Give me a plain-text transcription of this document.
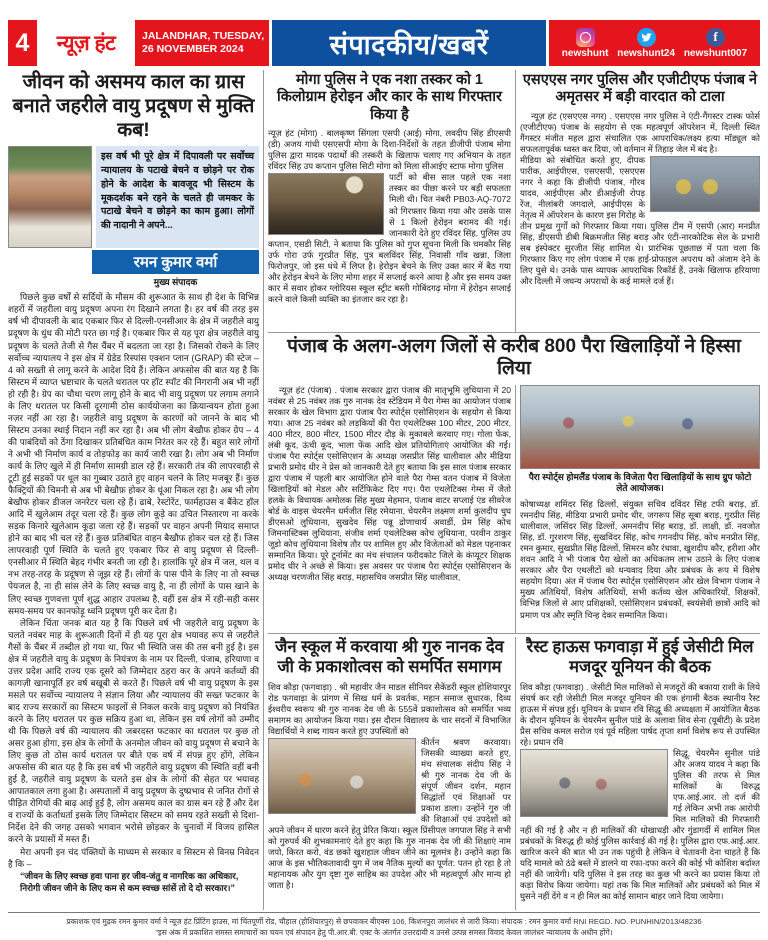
4	न्यूज़ हंट	JALANDHAR, TUESDAY,
26 NOVEMBER 2024	संपादकीय/खबरें	newshunt newshunt24
f
newshunt007
जीवन को असमय काल का ग्रास बनाते जहरीले वायु प्रदूषण से मुक्ति कब!
इस वर्ष भी पूरे क्षेत्र में दिपावली पर सर्वोच्च न्यायालय के पटाखे बेचने व छोड़ने पर रोक होने के आदेश के बावजूद भी सिस्टम के मूकदर्शक बने रहने के चलते ही जमकर के पटाखे बेचने व छोड़ने का काम हुआ। लोगों की नादानी ने अपने...
रमन कुमार वर्मा
मुख्य संपादक

पिछले कुछ वर्षों से सर्दियों के मौसम की शुरूआत के साथ ही देश के विभिन्न शहरों में जहरीला वायु प्रदूषण अपना रंग दिखाने लगता है। हर वर्ष की तरह इस वर्ष भी दीपावली के बाद एकबार फिर से दिल्ली-एनसीआर के क्षेत्र में जहरीले वायु प्रदूषण के धुंध की मोटी परत छा गई है। एकबार फिर से यह पूरा क्षेत्र जहरीले वायु प्रदूषण के चलते तेजी से गैस चैंबर में बदलता जा रहा है। जिसको रोकने के लिए सर्वोच्च न्यायालय ने इस क्षेत्र में ग्रेडेड रिस्पांस एक्शन प्लान (GRAP) की स्टेज – 4 को सख्ती से लागू करने के आदेश दिये हैं। लेकिन अफसोस की बात यह है कि सिस्टम में व्याप्त भ्रष्टाचार के चलते धरातल पर हॉट स्पॉट की निगरानी अब भी नहीं हो रही है। ग्रेप का चौथा चरण लागू होने के बाद भी वायु प्रदूषण पर लगाम लगाने के लिए धरातल पर किसी दूरगामी ठोस कार्ययोजना का क्रियान्वयन होता हुआ नज़र नहीं आ रहा है। जहरीले वायु प्रदूषण के कारणों को जानने के बाद भी सिस्टम उनका स्थाई निदान नहीं कर रहा है। अब भी लोग बेखौफ होकर ग्रेप – 4 की पाबंदियों को ठेंगा दिखाकर प्रतिबंधित काम निरंतर कर रहे हैं। बहुत सारे लोगों ने अभी भी निर्माण कार्य व तोड़फोड़ का कार्य जारी रखा है। लोग अब भी निर्माण कार्य के लिए खुले में ही निर्माण सामग्री डाल रहे हैं। सरकारी तंत्र की लापरवाही से टूटी हुई सड़कों पर धूल का गुब्बार उठाते हुए वाहन चलने के लिए मजबूर हैं। कुछ फैक्ट्रियों की चिमनी से अब भी बेखौफ़ होकर के धूंआ निकल रहा है। अब भी लोग बेखौफ होकर डीजल जनरेटर चला रहे हैं। ढाबे, रेस्टोरेंट, फार्महाउस व बैंकेट हॉल आदि में खुलेआम तंदूर चला रहे हैं। कुछ लोग कूड़े का उचित निस्तारण ना करके सड़क किनारे खुलेआम कूड़ा जला रहे हैं। सड़कों पर वाहन अपनी मियाद समाप्त होने का बाद भी चल रहे हैं। कुछ प्रतिबंधित वाहन बैखौफ होकर चल रहे हैं। जिस लापरवाही पूर्ण स्थिति के चलते हुए एकबार फिर से वायु प्रदूषण से दिल्ली-एनसीआर में स्थिति बेहद गंभीर बनती जा रही है। हालांकि पूरे क्षेत्र में जल, थल व नभ तरह-तरह के प्रदूषण से जूझ रहे हैं। लोगों के पास पीने के लिए ना तो स्वच्छ पेयजल है, ना ही सांस लेने के लिए स्वच्छ वायु है, ना ही लोगों के पास खाने के लिए स्वच्छ गुणवत्ता पूर्ण शुद्ध आहार उपलब्ध है, वहीं इस क्षेत्र में रही-सही कसर समय-समय पर कानफोड़ू ध्वनि प्रदूषण पूरी कर देता है।

लेकिन चिंता जनक बात यह है कि पिछले वर्ष भी जहरीले वायु प्रदूषण के चलते नवंबर माह के शुरूआती दिनों में ही यह पूरा क्षेत्र भयावह रूप से जहरीले गैसों के चैंबर में तब्दील हो गया था, फिर भी स्थिति जस की तस बनी हुई है। इस क्षेत्र में जहरीले वायु के प्रदूषण के नियंत्रण के नाम पर दिल्ली, पंजाब, हरियाणा व उत्तर प्रदेश आदि राज्य एक दूसरे को जिम्मेदार ठहरा कर के अपने कर्तव्यों की कागज़ी खानापूर्ति हर वर्ष बखूबी से करते हैं। पिछले वर्ष भी वायु प्रदूषण के इस मसले पर सर्वोच्च न्यायालय ने संज्ञान लिया और न्यायालय की सख्त फटकार के बाद राज्य सरकारों का सिस्टम फाइलों से निकल करके वायु प्रदूषण को नियंत्रित करने के लिए धरातल पर कुछ सक्रिय हुआ था, लेकिन इस वर्ष लोगों को उम्मीद थी कि पिछले वर्ष की न्यायालय की जबरदस्त फटकार का धरातल पर कुछ तो असर हुआ होगा, इस क्षेत्र के लोगों के अनमोल जीवन को वायु प्रदूषण से बचाने के लिए कुछ तो ठोस कार्य धरातल पर बीते एक वर्ष में संपन्न हुए होंगे, लेकिन अफसोस की बात यह है कि इस वर्ष भी जहरीले वायु प्रदूषण की स्थिति वहीं बनी हुई है, जहरीले वायु प्रदूषण के चलते इस क्षेत्र के लोगों की सेहत पर भयावह आपातकाल लगा हुआ है। अस्पतालों में वायु प्रदूषण के दुष्प्रभाव से जनित रोगों से पीड़ित रोगियों की बाढ़ आई हुई है, लोग असमय काल का ग्रास बन रहे हैं और देश व राज्यों के कर्ताधर्ता इसके लिए जिम्मेदार सिस्टम को समय रहते सख्ती से दिशा-निर्देश देने की जगह उसको भगवान भरोसे छोड़कर के चुनावों में विजय हासिल करने के प्रयासों में मस्त हैं।

मेरा अपनी इन चंद पंक्तियों के माध्यम से सरकार व सिस्टम से विनम्र निवेदन है कि –

“जीवन के लिए स्वच्छ हवा पाना हर जीव-जंतु व नागरिक का अधिकार,

निरोगी जीवन जीने के लिए कम से कम स्वच्छ सांसें तो दे दो सरकार।”

मोगा पुलिस ने एक नशा तस्कर को 1 किलोग्राम हेरोइन और कार के साथ गिरफ्तार किया है
न्यूज़ हंट (मोगा) . बालकृष्ण सिंगला एसपी (आई) मोगा, लवदीप सिंह डीएसपी (डी) अजय गांधी एसएसपी मोगा के दिशा-निर्देशों के तहत डीजीपी पंजाब मोगा पुलिस द्वारा मादक पदार्थों की तस्करी के खिलाफ चलाए गए अभियान के तहत रविंदर सिंह उप कप्तान पुलिस सिटी मोगा को मिला सीआईए स्टाफ मोगा पुलिस
पार्टी को बीस साल पहले एक नशा तस्कर का पीछा करने पर बड़ी सफलता मिली थी। चित नंबरी PB03-AQ-7072 को गिरफ्तार किया गया और उसके पास से 1 किलो हेरोइन बरामद की गई। जानकारी देते हुए रविंदर सिंह, पुलिस उप कप्तान, एसडी सिटी, ने बताया कि पुलिस को गुप्त सूचना मिली कि चमकौर सिंह उर्फ गोरा उर्फ गुरप्रीत सिंह, पुत्र बलविंदर सिंह, निवासी गाँव खन्ना, जिला फिरोजपुर, जो इस धंधे में लिप्त है। हेरोइन बेचने के लिए उक्त कार में बैठ गया और हेरोइन बेचने के लिए मोगा शहर में सप्लाई करने आया है और इस समय उक्त कार में सवार होकर ग्लोरियस स्कूल स्ट्रीट बस्ती गोबिंदगढ़ मोगा में हेरोइन सप्लाई करने वाले किसी व्यक्ति का इंतजार कर रहा है।
एसएएस नगर पुलिस और एजीटीएफ पंजाब ने अमृतसर में बड़ी वारदात को टाला

न्यूज़ हंट (एसएएस नगर) . एसएएस नगर पुलिस ने एंटी-गैंगस्टर टास्क फोर्स (एजीटीएफ) पंजाब के सहयोग से एक महत्वपूर्ण ऑपरेशन में, दिल्ली स्थित गैंगस्टर मंजीत महल द्वारा संचालित एक आपराधिक/लक्ष्य हत्या मॉड्यूल को सफलतापूर्वक ध्वस्त कर दिया, जो वर्तमान में तिहाड़ जेल में बंद है।

मीडिया को संबोधित करते हुए, दीपक पारीक, आईपीएस, एसएसपी, एसएएस नगर ने कहा कि डीजीपी पंजाब, गौरव यादव, आईपीएस और डीआईजी रोपड़ रेंज, नीलांबरी जगदाले, आईपीएस के नेतृत्व में ऑपरेशन के कारण इस गिरोह के तीन प्रमुख गुर्गों को गिरफ्तार किया गया। पुलिस टीम में एसपी (आर) मनप्रीत सिंह, डीएसपी डीबी बिक्रमजीत सिंह बराड़ और एंटी-नारकोटिक सेल के प्रभारी सब इंस्पेक्टर सुरजीत सिंह शामिल थे। प्रारंभिक पूछताछ में पता चला कि गिरफ्तार किए गए लोग पंजाब में एक हाई-प्रोफाइल अपराध को अंजाम देने के लिए घुसे थे। उनके पास व्यापक आपराधिक रिकॉर्ड हैं, उनके खिलाफ हरियाणा और दिल्ली में जघन्य अपराधों के कई मामले दर्ज हैं।
पंजाब के अलग-अलग जिलों से करीब 800 पैरा खिलाड़ियों ने हिस्सा लिया

न्यूज़ हंट (पंजाब) . पंजाब सरकार द्वारा पंजाब की मातृभूमि लुधियाना में 20 नवंबर से 25 नवंबर तक गुरु नानक देव स्टेडियम में पैरा गेम्स का आयोजन पंजाब सरकार के खेल विभाग द्वारा पंजाब पैरा स्पोर्ट्स एसोसिएशन के सहयोग से किया गया। आज 25 नवंबर को लड़कियों की पैरा एथलेटिक्स 100 मीटर, 200 मीटर, 400 मीटर, 800 मीटर, 1500 मीटर दौड़ के मुकाबले करवाए गए। गोला फेंक, लंबी कूद, ऊंची कूद, भाला फेंक आदि खेल प्रतियोगिताएं आयोजित की गईं। पंजाब पैरा स्पोर्ट्स एसोसिएशन के अध्यक्ष जसप्रीत सिंह धालीवाल और मीडिया प्रभारी प्रमोद धीर ने प्रेस को जानकारी देते हुए बताया कि इस साल पंजाब सरकार द्वारा पंजाब में पहली बार आयोजित होने वाले पैरा गेम्स वतन पंजाब में विजेता खिलाड़ियों को मेडल और सर्टिफिकेट दिए गए। पैरा एथलेटिक्स गेम्स में जैतो हलके के विधायक अमोलक सिंह मुख्य मेहमान, पंजाब वाटर सप्लाई एंड सीवरेज बोर्ड के वाइस चेयरमैन धर्मजीत सिंह रमेयाना, चेयरमैन लक्ष्मण शर्मा कुलदीप चुघ डीएसओ लुधियाना, सुखदेव सिंह पन्नू द्रोणाचार्य अवार्डी, प्रेम सिंह कोच जिमनास्टिक्स लुधियाना, संजीव शर्मा एथलेटिक्स कोच लुधियाना, परवीन ठाकुर जूडो कोच लुधियाना विशेष तौर पर शामिल हुए और विजेताओं को मेडल पहनाकर सम्मानित किया। पूरे टूर्नामेंट का मंच संचालन फरीदकोट जिले के कंप्यूटर शिक्षक प्रमोद धीर ने अच्छे से किया। इस अवसर पर पंजाब पैरा स्पोर्ट्स एसोसिएशन के अध्यक्ष चरणजीत सिंह बराड़, महासचिव जसप्रीत सिंह धालीवाल,

पैरा स्पोर्ट्स होमलैंड पंजाब के विजेता पैरा खिलाड़ियों के साथ ग्रुप फोटो लेते आयोजक।
कोषाध्यक्ष शमिंदर सिंह ढिल्लों, संयुक्त सचिव दविंदर सिंह टफी बराड़, डॉ. रमनदीप सिंह, मीडिया प्रभारी प्रमोद धीर, जगरूप सिंह सूबा बराड़, गुरप्रीत सिंह धालीवाल, जसिंदर सिंह ढिल्लों, अमनदीप सिंह बराड़, डॉ. लाक्षी, डॉ. नवजोत सिंह, डॉ. गुरशरण सिंह, सुखविंदर सिंह, कोच गगनदीप सिंह, कोच मनप्रीत सिंह, रमन कुमार, सुखप्रीत सिंह ढिल्लों, सिमरन कौर रंधावा, खुशदीप कौर, हरीशा और शवन आदि ने भी पंजाब पैरा खेलों का अधिकतम लाभ उठाने के लिए पंजाब सरकार और पैरा एथलीटों को धन्यवाद दिया और प्रबंधक के रूप में विशेष सहयोग दिया। अंत में पंजाब पैरा स्पोर्ट्स एसोसिएशन और खेल विभाग पंजाब ने मुख्य अतिथियों, विशेष अतिथियों, सभी कर्तव्य खेल अधिकारियों, शिक्षकों, विभिन्न जिलों से आए प्रशिक्षकों, एसोसिएशन प्रबंधकों, स्वयंसेवी छात्रों आदि को प्रमाण पत्र और स्मृति चिन्ह देकर सम्मानित किया।
जैन स्कूल में करवाया श्री गुरु नानक देव जी के प्रकाशोत्वस को समर्पित समागम
शिव कौड़ा (फगवाड़ा) . श्री महावीर जैन माडल सीनियर सैकेंडरी स्कूल होशियारपुर रोड फगवाड़ा के प्रांगण में सिख धर्म के प्रवर्तक, महान समाज सुधारक, दिव्य ईश्वरीय स्वरूप श्री गुरु नानक देव जी के 555वें प्रकाशोत्सव को समर्पित भव्य समागम का आयोजन किया गया। इस दौरान विद्यालय के चार सदनों में विभाजित विद्यार्थियों ने शब्द गायन करते हुए उपस्थितों को
कीर्तन श्रवण करवाया। जिसकी व्याख्या करते हुए, मंच संचालक संदीप सिंह ने श्री गुरु नानक देव जी के संपूर्ण जीवन दर्शन, महान सिद्धांतों एवं शिक्षाओं पर प्रकाश डाला। उन्होंने गुरु जी की शिक्षाओं एवं उपदेशों को अपने जीवन में धारण करने हेतु प्रेरित किया। स्कूल प्रिंसीपल जगपाल सिंह ने सभी को गुरुपर्व की शुभकामनाएं देते हुए कहा कि गुरु नानक देव जी की शिक्षाएं नाम जपो, किरत करो, वंड छको खुशहाल जीवन जीने का मूलमंत्र है। उन्होंने कहा कि आज के इस भौतिकतावादी युग में जब नैतिक मुल्यों का पूर्णत: पतन हो रहा है तो महानायक और युग दृष्टा गुरु साहिब का उपदेश और भी महत्वपूर्ण और मान्य हो जाता है।
रैस्ट हाऊस फगवाड़ा में हुई जेसीटी मिल मजदूर यूनियन की बैठक
शिव कौड़ा (फगवाड़ा) . जेसीटी मिल मालिकों से मजदूरों की बकाया राशी के लिये संघर्ष कर रही जेसीटी मिल मजदूर यूनियन की एक हंगामी बैठक स्थानीय रैस्ट हाऊस में संपन्न हुई। यूनियन के प्रधान रवि सिद्धू की अध्यक्षता में आयोजित बैठक के दौरान यूनियन के चेयरमैन सुनील पांडे के अलावा शिव सेना (यूबीटी) के प्रदेश प्रैस सचिव कमल सरोज एवं पूर्व महिला पार्षद तृप्ता शर्मा विशेष रूप से उपस्थित रहे। प्रधान रवि
सिद्धू, चेयरमैन सुनील पांडे और अजय यादव ने कहा कि पुलिस की तरफ से मिल मालिकों के विरुद्ध एफ.आई.आर. तो दर्ज की गई लेकिन अभी तक आरोपी मिल मालिकों की गिरफ्तारी नहीं की गई है और न ही मालिकों की धोखाधड़ी और गुंडागर्दी में शामिल मिल प्रबंधकों के विरुद्ध ही कोई पुलिस कार्रवाई की गई है। पुलिस द्वारा एफ.आई.आर. खारिज करने की बात भी उन तक पहुंची है लेकिन वे चेतावनी देना चाहते हैं कि यदि मामले को ठंढे बस्ते में डालने या रफा-दफा करने की कोई भी कोशिश बर्दाश्त नहीं की जायेगी। यदि पुलिस ने इस तरह का कुछ भी करने का प्रयास किया तो कड़ा विरोध किया जायेगा। यहां तक कि मिल मालिकों और प्रबंधकों को मिल में घुसने नहीं देंगे व न ही मिल का कोई सामान बाहर जाने दिया जायेगा।
प्रकाशक एवं मुद्रक रमन कुमार वर्मा ने न्यूज़ हंट प्रिंटिंग हाउस, मां चिंतपूर्णी रोड, चौहाल (होशियारपुर) से छपवाकर बीएक्स 106, किशनपुरा जालंधर से जारी किया। संपादक : रमन कुमार वर्मा RNI REGD. NO. PUNHIN/2013/48236
"इस अंक में प्रकाशित समस्त समाचारों का चयन एवं संपादन हेतु पी.आर.बी. एक्ट के अंतर्गत उत्तरदायी व उनसे उत्पन्न समस्त विवाद केवल जालंधर न्यायालय के अधीन होंगे।
